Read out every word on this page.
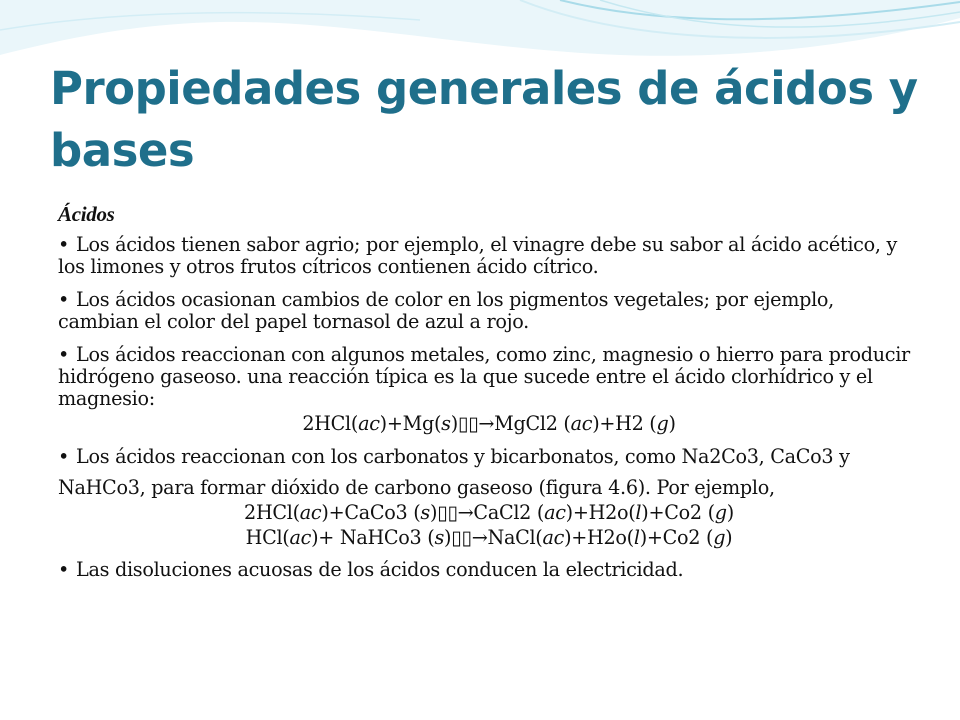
Propiedades generales de ácidos y bases
Ácidos
• Los ácidos tienen sabor agrio; por ejemplo, el vinagre debe su sabor al ácido acético, y los limones y otros frutos cítricos contienen ácido cítrico.
• Los ácidos ocasionan cambios de color en los pigmentos vegetales; por ejemplo, cambian el color del papel tornasol de azul a rojo.
• Los ácidos reaccionan con algunos metales, como zinc, magnesio o hierro para producir hidrógeno gaseoso. una reacción típica es la que sucede entre el ácido clorhídrico y el magnesio:
2HCl(ac)+Mg(s)▯▯→MgCl2 (ac)+H2 (g)
• Los ácidos reaccionan con los carbonatos y bicarbonatos, como Na2Co3, CaCo3 y
NaHCo3, para formar dióxido de carbono gaseoso (figura 4.6). Por ejemplo,
2HCl(ac)+CaCo3 (s)▯▯→CaCl2 (ac)+H2o(l)+Co2 (g)
HCl(ac)+ NaHCo3 (s)▯▯→NaCl(ac)+H2o(l)+Co2 (g)
• Las disoluciones acuosas de los ácidos conducen la electricidad.
